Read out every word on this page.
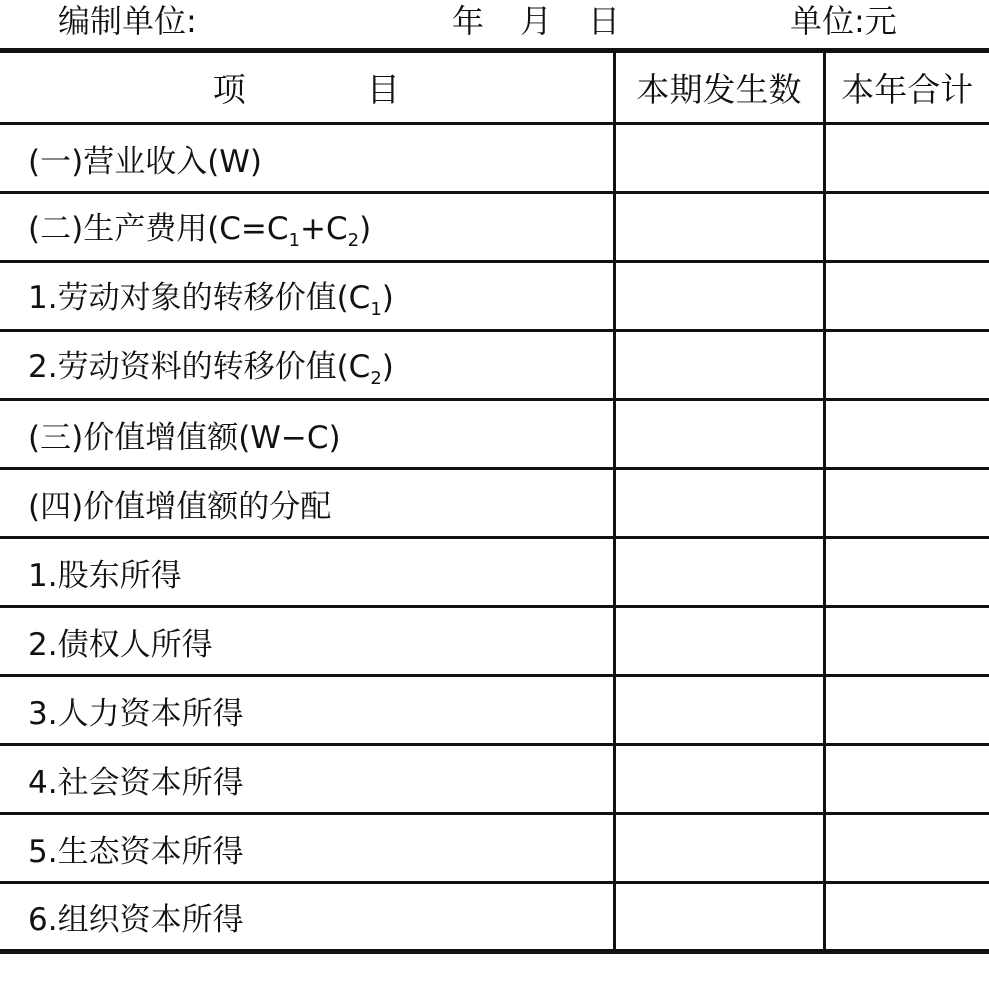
编制单位:	年　月　日	单位:元
项　目	本期发生数	本年合计
(一)营业收入(W)		
(二)生产费用$(C=C_1+C_2)$		
1.劳动对象的转移价值$(C_1)$		
2.劳动资料的转移价值$(C_2)$		
(三)价值增值额(W−C)		
(四)价值增值额的分配		
1.股东所得		
2.债权人所得		
3.人力资本所得		
4.社会资本所得		
5.生态资本所得		
6.组织资本所得		
